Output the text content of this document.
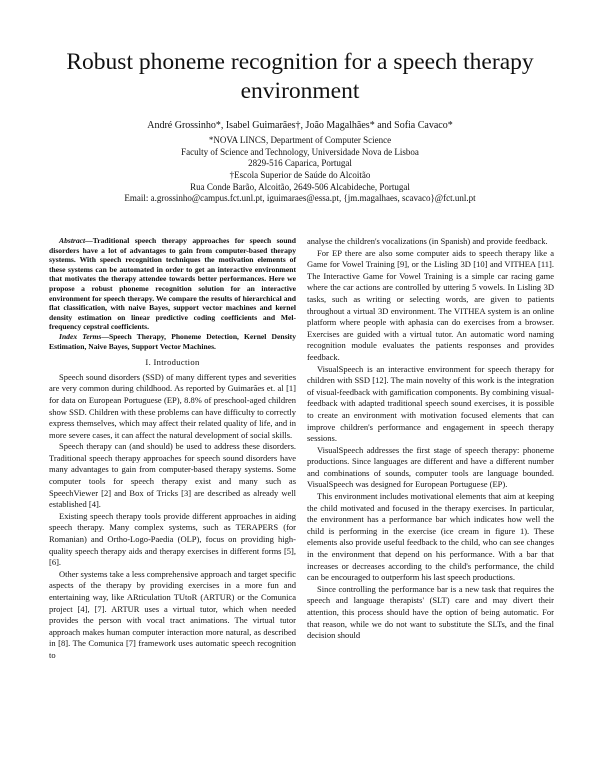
Robust phoneme recognition for a speech therapy environment
André Grossinho*, Isabel Guimarães†, João Magalhães* and Sofia Cavaco*
*NOVA LINCS, Department of Computer Science
Faculty of Science and Technology, Universidade Nova de Lisboa
2829-516 Caparica, Portugal
†Escola Superior de Saúde do Alcoitão
Rua Conde Barão, Alcoitão, 2649-506 Alcabideche, Portugal
Email: a.grossinho@campus.fct.unl.pt, iguimaraes@essa.pt, {jm.magalhaes, scavaco}@fct.unl.pt

Abstract—Traditional speech therapy approaches for speech sound disorders have a lot of advantages to gain from computer-based therapy systems. With speech recognition techniques the motivation elements of these systems can be automated in order to get an interactive environment that motivates the therapy attendee towards better performances. Here we propose a robust phoneme recognition solution for an interactive environment for speech therapy. We compare the results of hierarchical and flat classification, with naive Bayes, support vector machines and kernel density estimation on linear predictive coding coefficients and Mel-frequency cepstral coefficients.

Index Terms—Speech Therapy, Phoneme Detection, Kernel Density Estimation, Naive Bayes, Support Vector Machines.

I. Introduction

Speech sound disorders (SSD) of many different types and severities are very common during childhood. As reported by Guimarães et. al [1] for data on European Portuguese (EP), 8.8% of preschool-aged children show SSD. Children with these problems can have difficulty to correctly express themselves, which may affect their related quality of life, and in more severe cases, it can affect the natural development of social skills.

Speech therapy can (and should) be used to address these disorders. Traditional speech therapy approaches for speech sound disorders have many advantages to gain from computer-based therapy systems. Some computer tools for speech therapy exist and many such as SpeechViewer [2] and Box of Tricks [3] are described as already well established [4].

Existing speech therapy tools provide different approaches in aiding speech therapy. Many complex systems, such as TERAPERS (for Romanian) and Ortho-Logo-Paedia (OLP), focus on providing high-quality speech therapy aids and therapy exercises in different forms [5], [6].

Other systems take a less comprehensive approach and target specific aspects of the therapy by providing exercises in a more fun and entertaining way, like ARticulation TUtoR (ARTUR) or the Comunica project [4], [7]. ARTUR uses a virtual tutor, which when needed provides the person with vocal tract animations. The virtual tutor approach makes human computer interaction more natural, as described in [8]. The Comunica [7] framework uses automatic speech recognition to

analyse the children's vocalizations (in Spanish) and provide feedback.

For EP there are also some computer aids to speech therapy like a Game for Vowel Training [9], or the Lisling 3D [10] and VITHEA [11]. The Interactive Game for Vowel Training is a simple car racing game where the car actions are controlled by uttering 5 vowels. In Lisling 3D tasks, such as writing or selecting words, are given to patients throughout a virtual 3D environment. The VITHEA system is an online platform where people with aphasia can do exercises from a browser. Exercises are guided with a virtual tutor. An automatic word naming recognition module evaluates the patients responses and provides feedback.

VisualSpeech is an interactive environment for speech therapy for children with SSD [12]. The main novelty of this work is the integration of visual-feedback with gamification components. By combining visual-feedback with adapted traditional speech sound exercises, it is possible to create an environment with motivation focused elements that can improve children's performance and engagement in speech therapy sessions.

VisualSpeech addresses the first stage of speech therapy: phoneme productions. Since languages are different and have a different number and combinations of sounds, computer tools are language bounded. VisualSpeech was designed for European Portuguese (EP).

This environment includes motivational elements that aim at keeping the child motivated and focused in the therapy exercises. In particular, the environment has a performance bar which indicates how well the child is performing in the exercise (ice cream in figure 1). These elements also provide useful feedback to the child, who can see changes in the environment that depend on his performance. With a bar that increases or decreases according to the child's performance, the child can be encouraged to outperform his last speech productions.

Since controlling the performance bar is a new task that requires the speech and language therapists' (SLT) care and may divert their attention, this process should have the option of being automatic. For that reason, while we do not want to substitute the SLTs, and the final decision should
